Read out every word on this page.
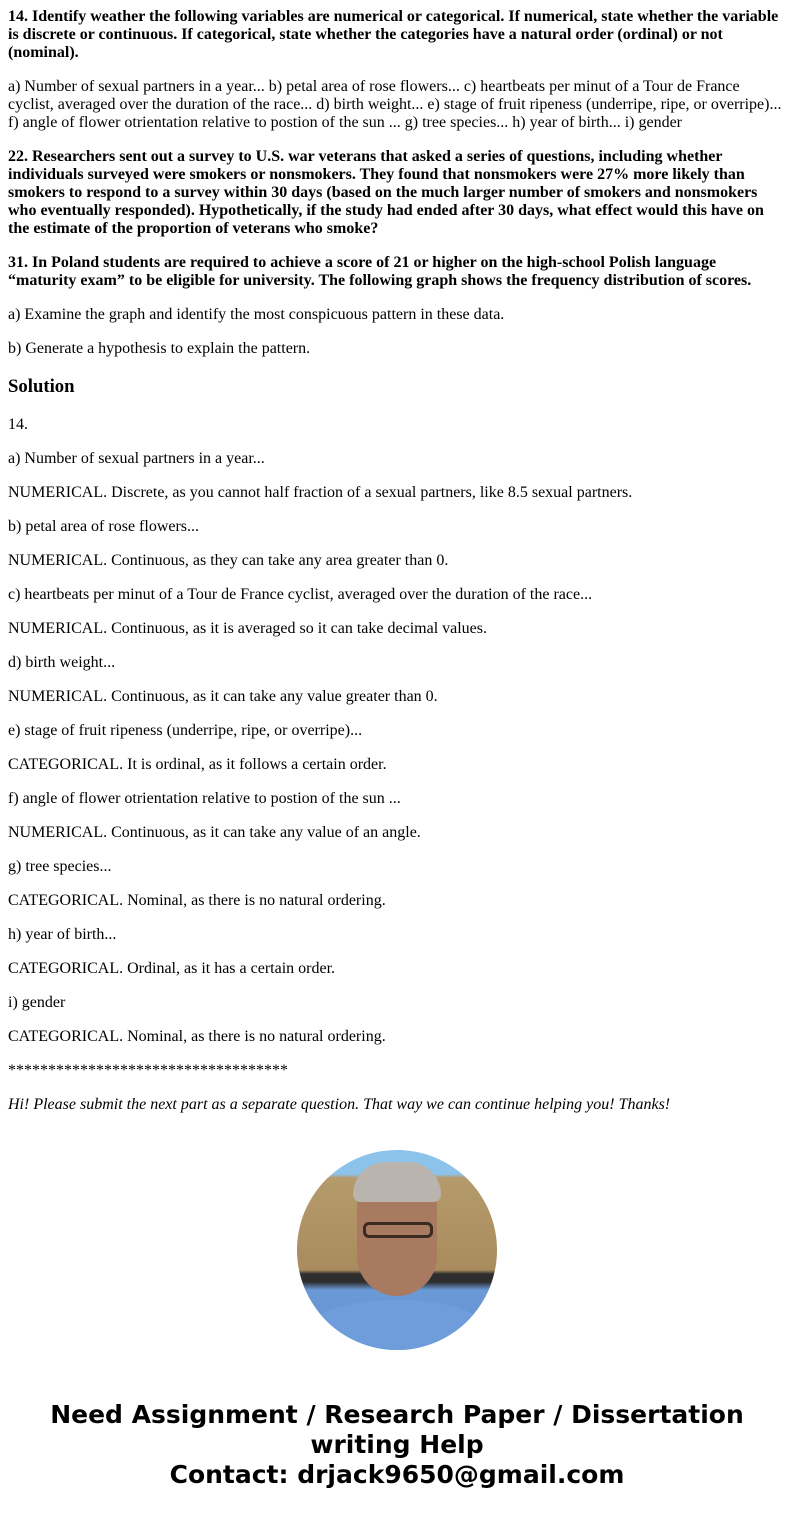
14. Identify weather the following variables are numerical or categorical. If numerical, state whether the variable is discrete or continuous. If categorical, state whether the categories have a natural order (ordinal) or not (nominal).

a) Number of sexual partners in a year... b) petal area of rose flowers... c) heartbeats per minut of a Tour de France cyclist, averaged over the duration of the race... d) birth weight... e) stage of fruit ripeness (underripe, ripe, or overripe)... f) angle of flower otrientation relative to postion of the sun ... g) tree species... h) year of birth... i) gender

22. Researchers sent out a survey to U.S. war veterans that asked a series of questions, including whether individuals surveyed were smokers or nonsmokers. They found that nonsmokers were 27% more likely than smokers to respond to a survey within 30 days (based on the much larger number of smokers and nonsmokers who eventually responded). Hypothetically, if the study had ended after 30 days, what effect would this have on the estimate of the proportion of veterans who smoke?

31. In Poland students are required to achieve a score of 21 or higher on the high-school Polish language “maturity exam” to be eligible for university. The following graph shows the frequency distribution of scores.

a) Examine the graph and identify the most conspicuous pattern in these data.

b) Generate a hypothesis to explain the pattern.

Solution

14.

a) Number of sexual partners in a year...

NUMERICAL. Discrete, as you cannot half fraction of a sexual partners, like 8.5 sexual partners.

b) petal area of rose flowers...

NUMERICAL. Continuous, as they can take any area greater than 0.

c) heartbeats per minut of a Tour de France cyclist, averaged over the duration of the race...

NUMERICAL. Continuous, as it is averaged so it can take decimal values.

d) birth weight...

NUMERICAL. Continuous, as it can take any value greater than 0.

e) stage of fruit ripeness (underripe, ripe, or overripe)...

CATEGORICAL. It is ordinal, as it follows a certain order.

f) angle of flower otrientation relative to postion of the sun ...

NUMERICAL. Continuous, as it can take any value of an angle.

g) tree species...

CATEGORICAL. Nominal, as there is no natural ordering.

h) year of birth...

CATEGORICAL. Ordinal, as it has a certain order.

i) gender

CATEGORICAL. Nominal, as there is no natural ordering.

***********************************

Hi! Please submit the next part as a separate question. That way we can continue helping you! Thanks!

Need Assignment / Research Paper / Dissertation
writing Help
Contact: drjack9650@gmail.com
